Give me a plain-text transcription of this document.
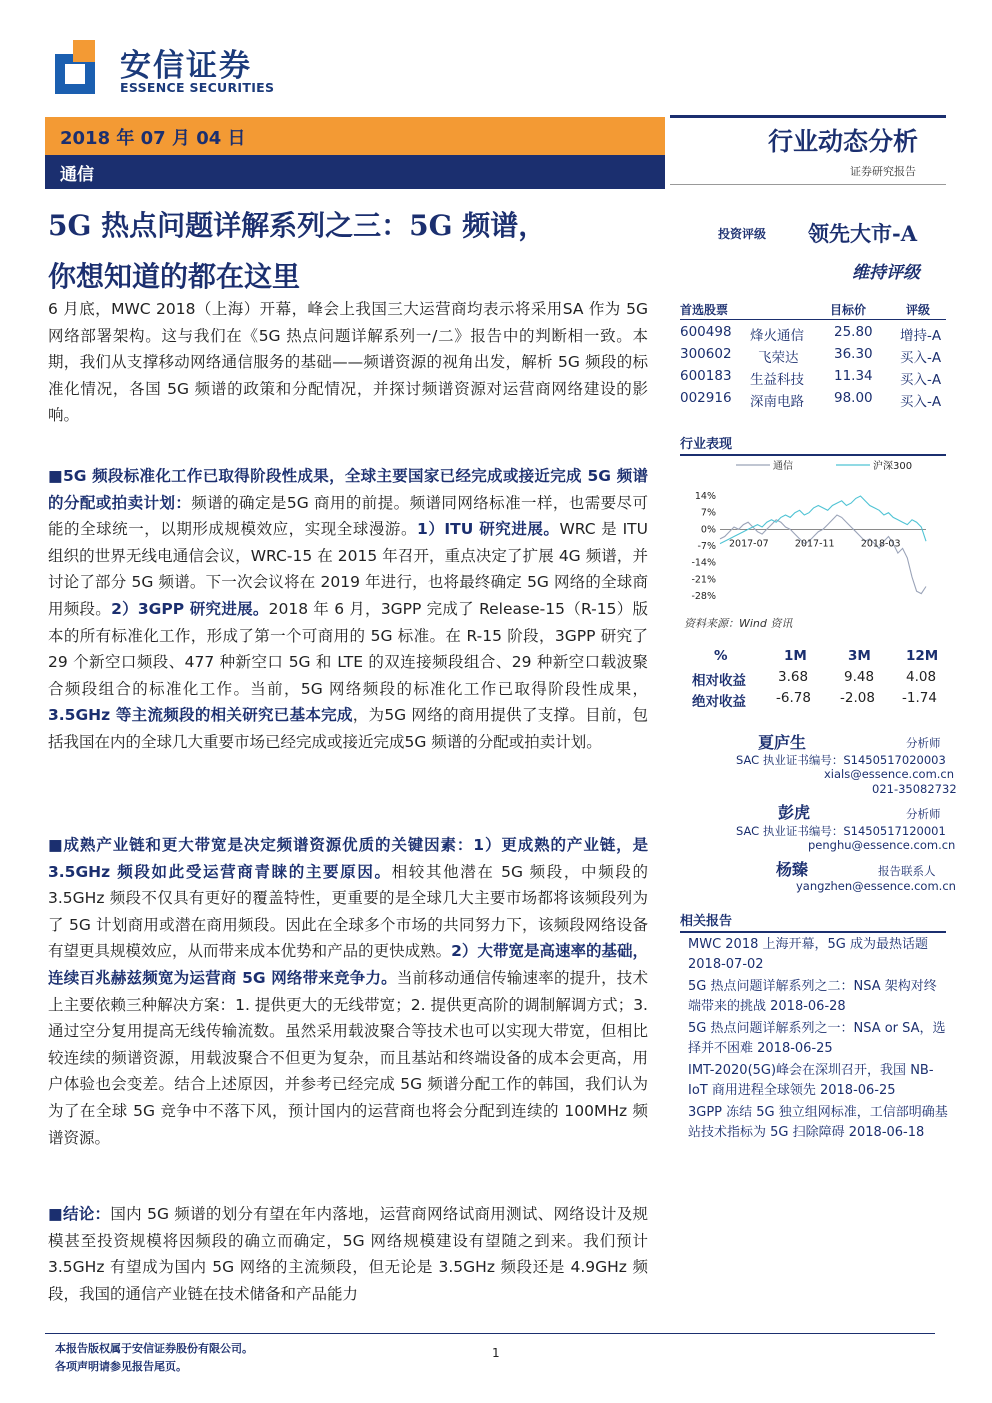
安信证券
ESSENCE SECURITIES
2018 年 07 月 04 日
通信
行业动态分析
证券研究报告
5G 热点问题详解系列之三：5G 频谱，
你想知道的都在这里
投资评级 领先大市-A
维持评级
6 月底，MWC 2018（上海）开幕，峰会上我国三大运营商均表示将采用SA 作为 5G 网络部署架构。这与我们在《5G 热点问题详解系列一/二》报告中的判断相一致。本期，我们从支撑移动网络通信服务的基础——频谱资源的视角出发，解析 5G 频段的标准化情况，各国 5G 频谱的政策和分配情况，并探讨频谱资源对运营商网络建设的影响。
■5G 频段标准化工作已取得阶段性成果，全球主要国家已经完成或接近完成 5G 频谱的分配或拍卖计划：频谱的确定是5G 商用的前提。频谱同网络标准一样，也需要尽可能的全球统一，以期形成规模效应，实现全球漫游。1）ITU 研究进展。WRC 是 ITU 组织的世界无线电通信会议，WRC-15 在 2015 年召开，重点决定了扩展 4G 频谱，并讨论了部分 5G 频谱。下一次会议将在 2019 年进行，也将最终确定 5G 网络的全球商用频段。2）3GPP 研究进展。2018 年 6 月，3GPP 完成了 Release-15（R-15）版本的所有标准化工作，形成了第一个可商用的 5G 标准。在 R-15 阶段，3GPP 研究了 29 个新空口频段、477 种新空口 5G 和 LTE 的双连接频段组合、29 种新空口载波聚合频段组合的标准化工作。当前，5G 网络频段的标准化工作已取得阶段性成果，3.5GHz 等主流频段的相关研究已基本完成，为5G 网络的商用提供了支撑。目前，包括我国在内的全球几大重要市场已经完成或接近完成5G 频谱的分配或拍卖计划。
■成熟产业链和更大带宽是决定频谱资源优质的关键因素：1）更成熟的产业链，是 3.5GHz 频段如此受运营商青睐的主要原因。相较其他潜在 5G 频段，中频段的 3.5GHz 频段不仅具有更好的覆盖特性，更重要的是全球几大主要市场都将该频段列为了 5G 计划商用或潜在商用频段。因此在全球多个市场的共同努力下，该频段网络设备有望更具规模效应，从而带来成本优势和产品的更快成熟。2）大带宽是高速率的基础，连续百兆赫兹频宽为运营商 5G 网络带来竞争力。当前移动通信传输速率的提升，技术上主要依赖三种解决方案：1. 提供更大的无线带宽；2. 提供更高阶的调制解调方式；3. 通过空分复用提高无线传输流数。虽然采用载波聚合等技术也可以实现大带宽，但相比较连续的频谱资源，用载波聚合不但更为复杂，而且基站和终端设备的成本会更高，用户体验也会变差。结合上述原因，并参考已经完成 5G 频谱分配工作的韩国，我们认为为了在全球 5G 竞争中不落下风，预计国内的运营商也将会分配到连续的 100MHz 频谱资源。
■结论：国内 5G 频谱的划分有望在年内落地，运营商网络试商用测试、网络设计及规模甚至投资规模将因频段的确立而确定，5G 网络规模建设有望随之到来。我们预计 3.5GHz 有望成为国内 5G 网络的主流频段，但无论是 3.5GHz 频段还是 4.9GHz 频段，我国的通信产业链在技术储备和产品能力
首选股票	目标价	评级
600498 烽火通信 25.80 增持-A
300602 飞荣达	36.30 买入-A
600183 生益科技 11.34 买入-A
002916 深南电路 98.00 买入-A
行业表现
通信	沪深300
14%
7%
0%
-7%
-14%
-21%
-28%
2017-07	2017-11	2018-03
资料来源：Wind 资讯
%	1M	3M	12M
相对收益 3.68	9.48 4.08
绝对收益 -6.78 -2.08 -1.74
夏庐生	分析师
SAC 执业证书编号：S1450517020003
xials@essence.com.cn
021-35082732
彭虎	分析师
SAC 执业证书编号：S1450517120001
penghu@essence.com.cn
杨臻	报告联系人
yangzhen@essence.com.cn
相关报告
MWC 2018 上海开幕，5G 成为最热话题 2018-07-02
5G 热点问题详解系列之二：NSA 架构对终端带来的挑战 2018-06-28
5G 热点问题详解系列之一：NSA or SA，选择并不困难 2018-06-25
IMT-2020(5G)峰会在深圳召开，我国 NB-IoT 商用进程全球领先 2018-06-25
3GPP 冻结 5G 独立组网标准，工信部明确基站技术指标为 5G 扫除障碍 2018-06-18
本报告版权属于安信证券股份有限公司。
各项声明请参见报告尾页。
1
